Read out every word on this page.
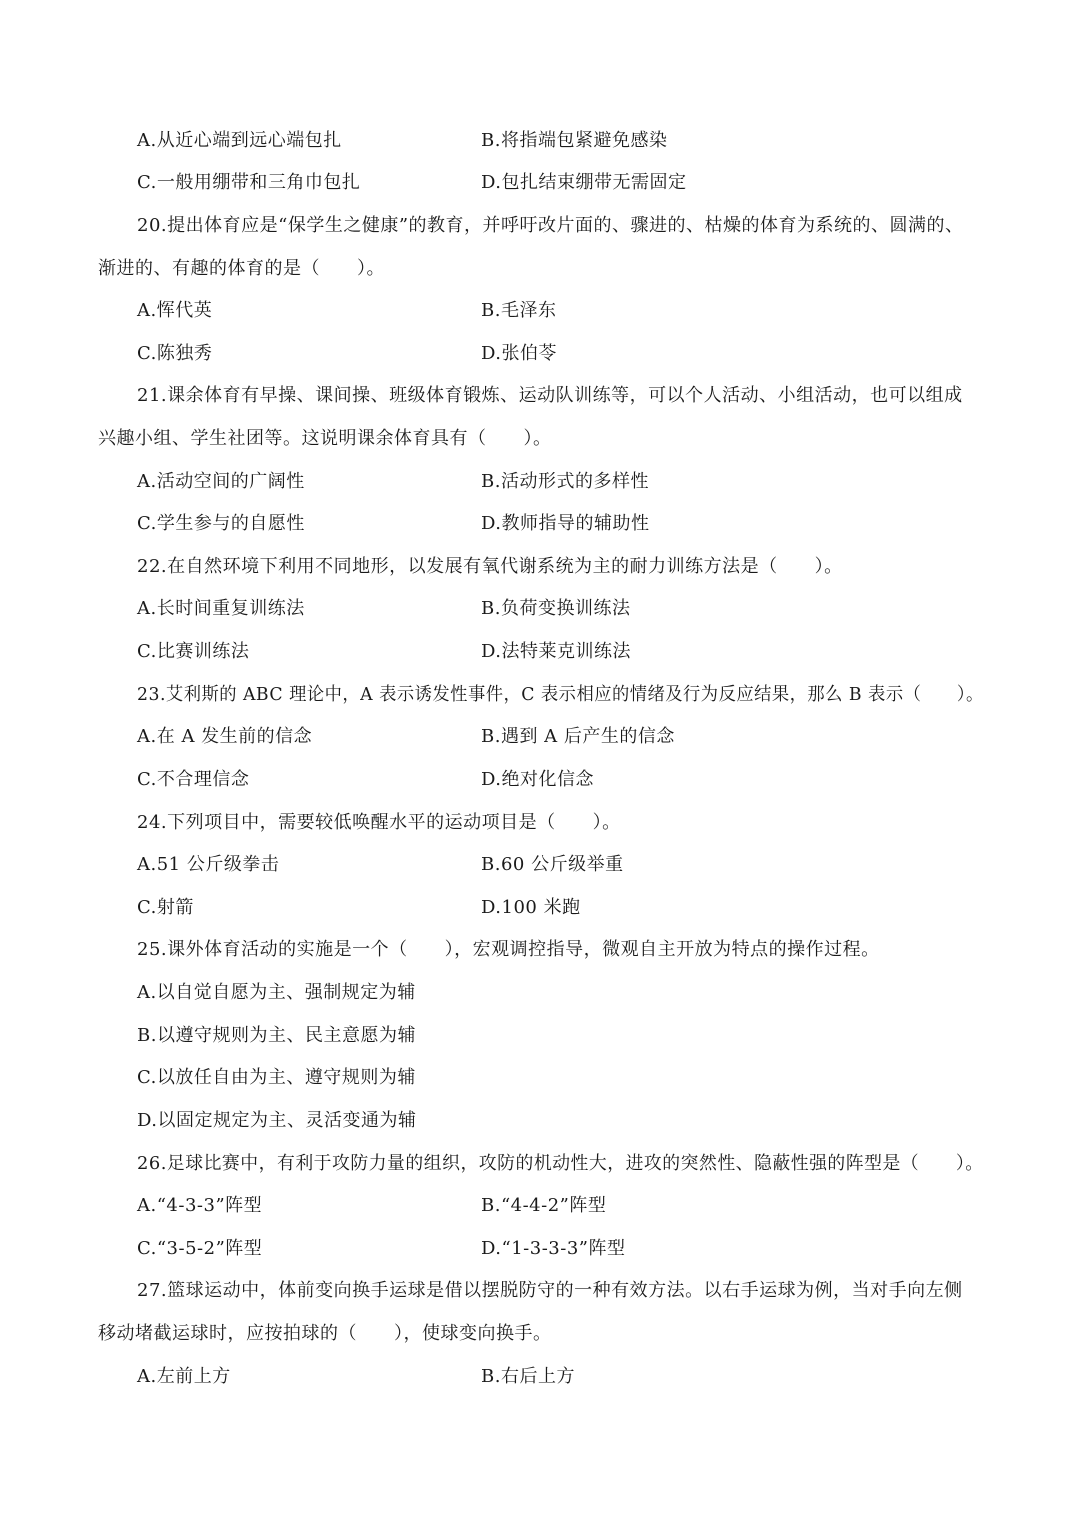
A.从近心端到远心端包扎	B.将指端包紧避免感染
C.一般用绷带和三角巾包扎	D.包扎结束绷带无需固定
20.提出体育应是“保学生之健康”的教育，并呼吁改片面的、骤进的、枯燥的体育为系统的、圆满的、
渐进的、有趣的体育的是（　　）。
A.恽代英	B.毛泽东
C.陈独秀	D.张伯苓
21.课余体育有早操、课间操、班级体育锻炼、运动队训练等，可以个人活动、小组活动，也可以组成
兴趣小组、学生社团等。这说明课余体育具有（　　）。
A.活动空间的广阔性	B.活动形式的多样性
C.学生参与的自愿性	D.教师指导的辅助性
22.在自然环境下利用不同地形，以发展有氧代谢系统为主的耐力训练方法是（　　）。
A.长时间重复训练法	B.负荷变换训练法
C.比赛训练法	D.法特莱克训练法
23.艾利斯的 ABC 理论中，A 表示诱发性事件，C 表示相应的情绪及行为反应结果，那么 B 表示（　　）。
A.在 A 发生前的信念	B.遇到 A 后产生的信念
C.不合理信念	D.绝对化信念
24.下列项目中，需要较低唤醒水平的运动项目是（　　）。
A.51 公斤级拳击	B.60 公斤级举重
C.射箭	D.100 米跑
25.课外体育活动的实施是一个（　　），宏观调控指导，微观自主开放为特点的操作过程。
A.以自觉自愿为主、强制规定为辅
B.以遵守规则为主、民主意愿为辅
C.以放任自由为主、遵守规则为辅
D.以固定规定为主、灵活变通为辅
26.足球比赛中，有利于攻防力量的组织，攻防的机动性大，进攻的突然性、隐蔽性强的阵型是（　　）。
A.“4-3-3”阵型	B.“4-4-2”阵型
C.“3-5-2”阵型	D.“1-3-3-3”阵型
27.篮球运动中，体前变向换手运球是借以摆脱防守的一种有效方法。以右手运球为例，当对手向左侧
移动堵截运球时，应按拍球的（　　），使球变向换手。
A.左前上方	B.右后上方
